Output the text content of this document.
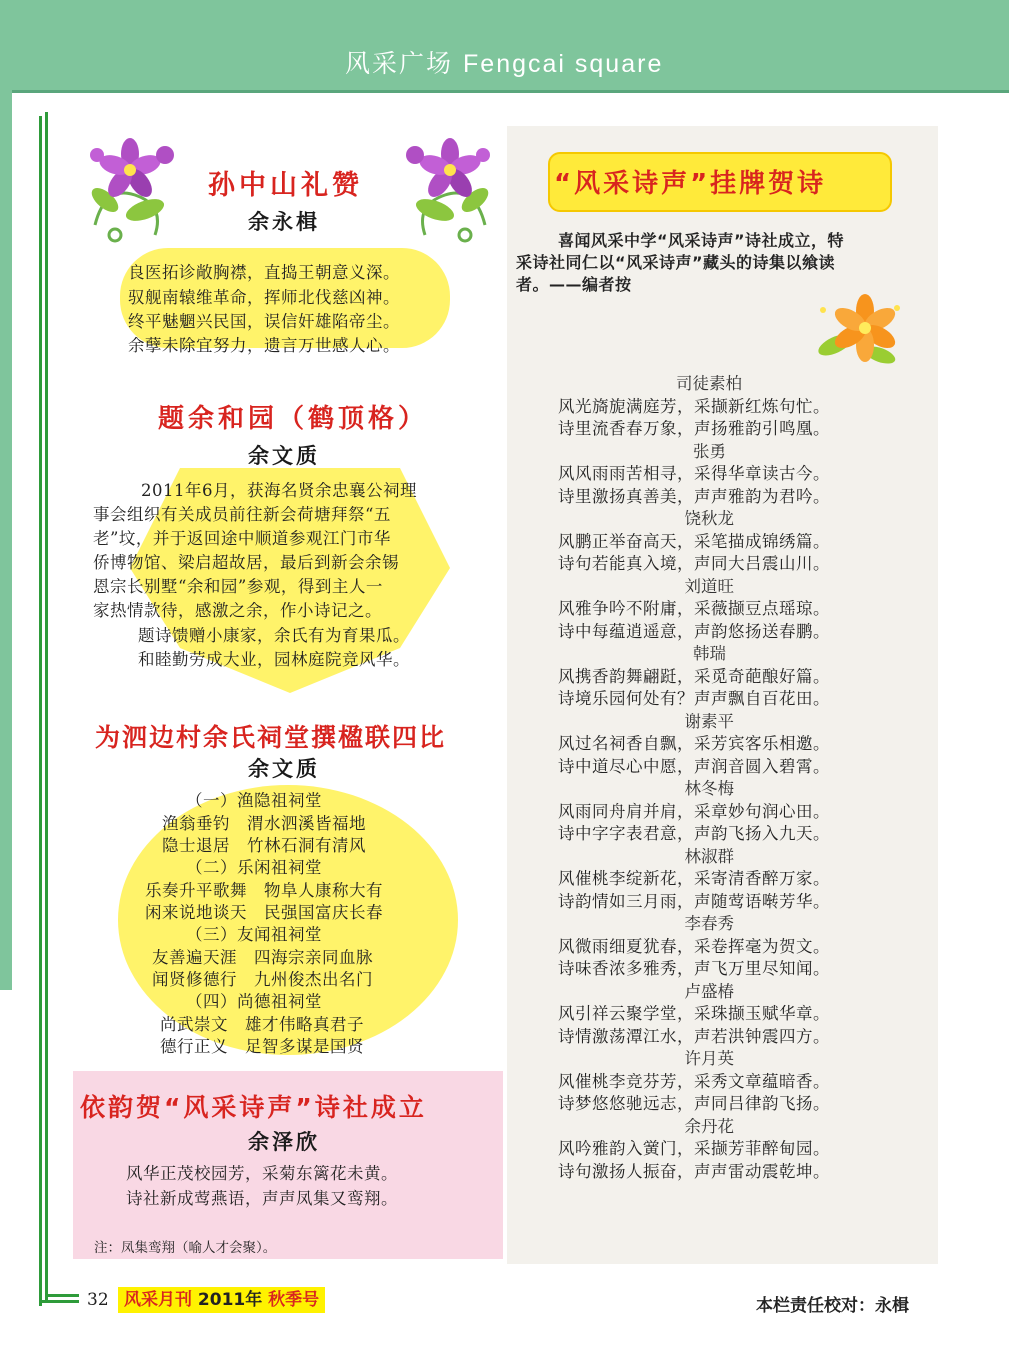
风采广场 Fengcai square
孙中山礼赞
余永楫
良医拓诊敞胸襟，直捣王朝意义深。
驭舰南辕维革命，挥师北伐慈凶神。
终平魅魍兴民国，误信奸雄陷帝尘。
余孽未除宜努力，遗言万世感人心。
题余和园（鹤顶格）
余文质
2011年6月，获海名贤余忠襄公祠理
事会组织有关成员前往新会荷塘拜祭“五
老”坟，并于返回途中顺道参观江门市华
侨博物馆、梁启超故居，最后到新会余锡
恩宗长别墅“余和园”参观，得到主人一
家热情款待，感激之余，作小诗记之。
题诗馈赠小康家，余氏有为育果瓜。
和睦勤劳成大业，园林庭院竞风华。
为泗边村余氏祠堂撰楹联四比
余文质
（一）渔隐祖祠堂
渔翁垂钓　渭水泗溪皆福地
隐士退居　竹林石洞有清风
（二）乐闲祖祠堂
乐奏升平歌舞　物阜人康称大有
闲来说地谈天　民强国富庆长春
（三）友闻祖祠堂
友善遍天涯　四海宗亲同血脉
闻贤修德行　九州俊杰出名门
（四）尚德祖祠堂
尚武崇文　雄才伟略真君子
德行正义　足智多谋是国贤
依韵贺“风采诗声”诗社成立
余泽欣
风华正茂校园芳，采菊东篱花未黄。
诗社新成莺燕语，声声凤集又鸾翔。
注：凤集鸾翔（喻人才会聚）。
“风采诗声”挂牌贺诗
喜闻风采中学“风采诗声”诗社成立，特
采诗社同仁以“风采诗声”藏头的诗集以飨读
者。——编者按
司徒素柏
风光旖旎满庭芳，采撷新红炼句忙。
诗里流香春万象，声扬雅韵引鸣凰。
张勇
风风雨雨苦相寻，采得华章读古今。
诗里激扬真善美，声声雅韵为君吟。
饶秋龙
风鹏正举奋高天，采笔描成锦绣篇。
诗句若能真入境，声同大吕震山川。
刘道旺
风雅争吟不附庸，采薇撷豆点瑶琼。
诗中每蕴逍遥意，声韵悠扬送春鹏。
韩瑞
风携香韵舞翩跹，采觅奇葩酿好篇。
诗境乐园何处有？声声飘自百花田。
谢素平
风过名祠香自飘，采芳宾客乐相邀。
诗中道尽心中愿，声润音圆入碧霄。
林冬梅
风雨同舟肩并肩，采章妙句润心田。
诗中字字表君意，声韵飞扬入九天。
林淑群
风催桃李绽新花，采寄清香醉万家。
诗韵情如三月雨，声随莺语啭芳华。
李春秀
风微雨细夏犹春，采卷挥毫为贺文。
诗味香浓多雅秀，声飞万里尽知闻。
卢盛椿
风引祥云聚学堂，采珠撷玉赋华章。
诗情激荡潭江水，声若洪钟震四方。
许月英
风催桃李竞芬芳，采秀文章蕴暗香。
诗梦悠悠驰远志，声同吕律韵飞扬。
余丹花
风吟雅韵入黉门，采撷芳菲醉甸园。
诗句激扬人振奋，声声雷动震乾坤。
32 风采月刊 2011年 秋季号	本栏责任校对：永楫
